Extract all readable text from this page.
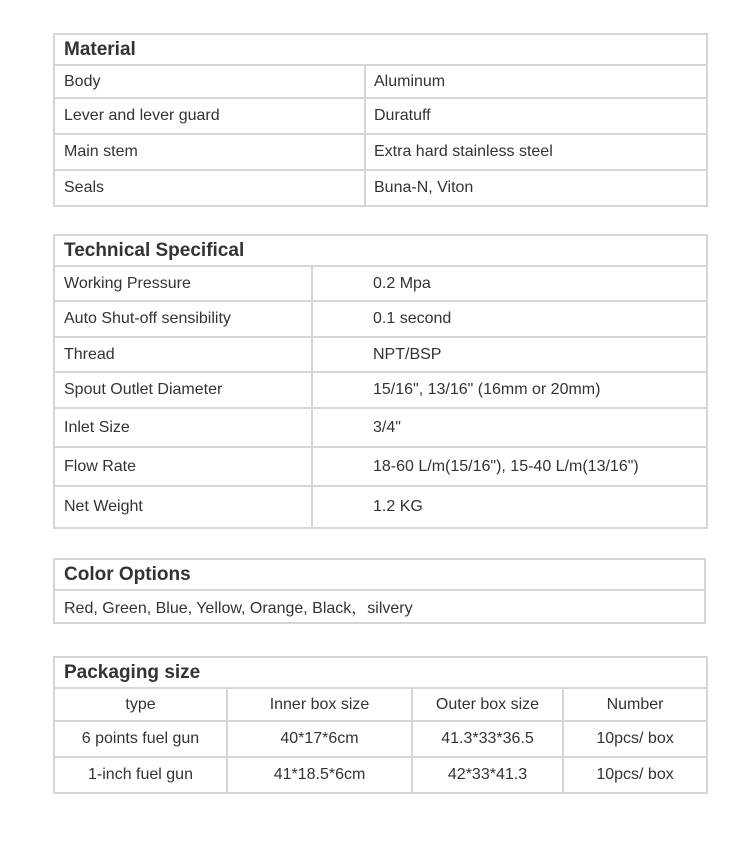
Material	
Body	Aluminum
Lever and lever guard	Duratuff
Main stem	Extra hard stainless steel
Seals	Buna-N, Viton
Technical Specifical	
Working Pressure	0.2 Mpa
Auto Shut-off sensibility	0.1 second
Thread	NPT/BSP
Spout Outlet Diameter	15/16", 13/16" (16mm or 20mm)
Inlet Size	3/4"
Flow Rate	18-60 L/m(15/16"), 15-40 L/m(13/16")
Net Weight	1.2 KG
Color Options
Red, Green, Blue, Yellow, Orange, Black，silvery
Packaging size			
type	Inner box size	Outer box size	Number
6 points fuel gun	40*17*6cm	41.3*33*36.5	10pcs/ box
1-inch fuel gun	41*18.5*6cm	42*33*41.3	10pcs/ box
